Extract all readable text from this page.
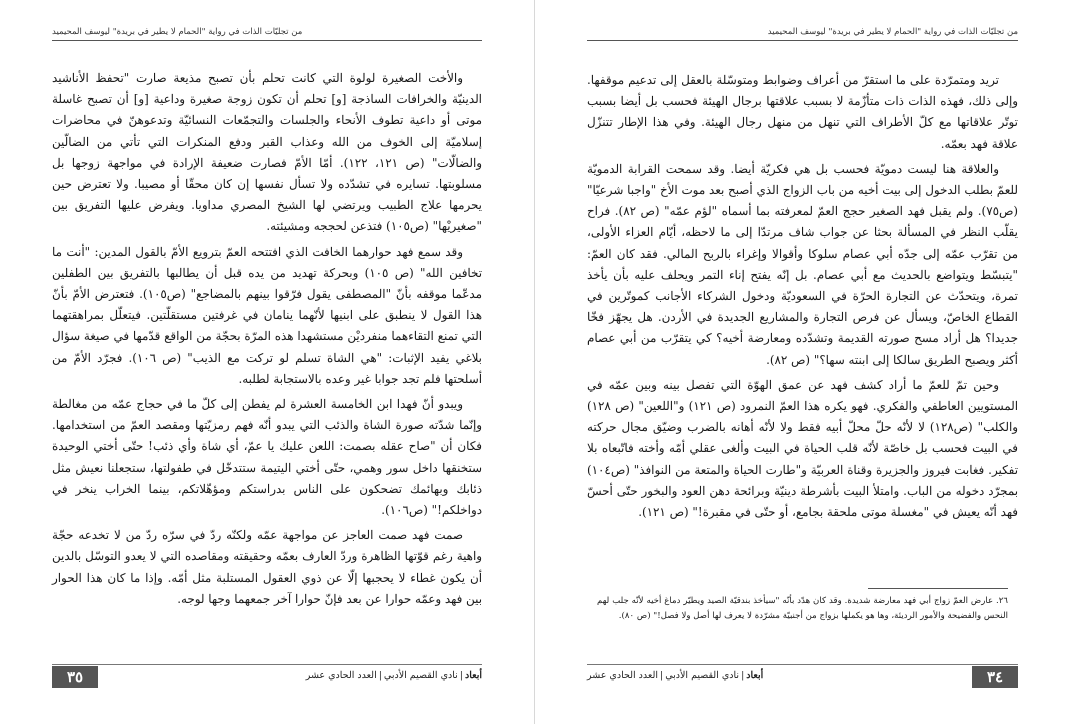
من تجليّات الذات في رواية "الحمام لا يطير في بريدة" ليوسف المحيميد

والأخت الصغيرة لولوة التي كانت تحلم بأن تصبح مذيعة صارت "تحفظ الأناشيد الدينيّة والخرافات الساذجة [و] تحلم أن تكون زوجة صغيرة وداعية [و] أن تصبح غاسلة موتى أو داعية تطوف الأنحاء والجلسات والتجمّعات النسائيّة وتدعوهنّ في محاضرات إسلاميّة إلى الخوف من الله وعذاب القبر ودفع المنكرات التي تأتي من الضالّين والضالّات" (ص ١٢١، ١٢٢). أمّا الأمّ فصارت ضعيفة الإرادة في مواجهة زوجها بل مسلوبتها. تسايره في تشدّده ولا تسأل نفسها إن كان محقّا أو مصيبا. ولا تعترض حين يحرمها علاج الطبيب ويرتضي لها الشيخ المصري مداويا. ويفرض عليها التفريق بين "صغيريْها" (ص١٠٥) فتذعن لحججه ومشيئته.

وقد سمع فهد حوارهما الخافت الذي افتتحه العمّ بترويع الأمّ بالقول المدين: "أنت ما تخافين الله" (ص ١٠٥) وبحركة تهديد من يده قبل أن يطالبها بالتفريق بين الطفلين مدعّما موقفه بأنّ "المصطفى يقول فرّقوا بينهم بالمضاجع" (ص١٠٥). فتعترض الأمّ بأنّ هذا القول لا ينطبق على ابنيها لأنّهما ينامان في غرفتين مستقلّتين. فيتعلّل بمراهقتهما التي تمنع التقاءهما منفرديْن مستشهدا هذه المرّة بحجّة من الواقع قدّمها في صيغة سؤال بلاغي يفيد الإثبات: "هي الشاة تسلم لو تركت مع الذيب" (ص ١٠٦). فجرّد الأمّ من أسلحتها فلم تجد جوابا غير وعده بالاستجابة لطلبه.

ويبدو أنّ فهدا ابن الخامسة العشرة لم يفطن إلى كلّ ما في حجاج عمّه من مغالطة وإنّما شدّته صورة الشاة والذئب التي يبدو أنّه فهم رمزيّتها ومقصد العمّ من استخدامها. فكان أن "صاح عقله بصمت: اللعن عليك يا عمّ، أي شاة وأي ذئب! حتّى أختي الوحيدة ستخنقها داخل سور وهمي، حتّى أختي اليتيمة ستتدخّل في طفولتها، ستجعلنا نعيش مثل ذئابك وبهائمك تضحكون على الناس بدراستكم ومؤهّلاتكم، بينما الخراب ينخر في دواخلكم!" (ص١٠٦).

صمت فهد صمت العاجز عن مواجهة عمّه ولكنّه ردّ في سرّه ردّ من لا تخدعه حجّة واهية رغم قوّتها الظاهرة وردّ العارف بعمّه وحقيقته ومقاصده التي لا يعدو التوسّل بالدين أن يكون غطاء لا يحجبها إلّا عن ذوي العقول المستلبة مثل أمّه. وإذا ما كان هذا الحوار بين فهد وعمّه حوارا عن بعد فإنّ حوارا آخر جمعهما وجها لوجه.

٣٥	أبعاد|نادي القصيم الأدبي|العدد الحادي عشر
من تجليّات الذات في رواية "الحمام لا يطير في بريدة" ليوسف المحيميد

تريد ومتمرّدة على ما استقرّ من أعراف وضوابط ومتوسّلة بالعقل إلى تدعيم موقفها. وإلى ذلك، فهذه الذات ذات متأزّمة لا بسبب علاقتها برجال الهيئة فحسب بل أيضا بسبب توتّر علاقاتها مع كلّ الأطراف التي تنهل من منهل رجال الهيئة. وفي هذا الإطار تتنزّل علاقة فهد بعمّه.

والعلاقة هنا ليست دمويّة فحسب بل هي فكريّة أيضا. وقد سمحت القرابة الدمويّة للعمّ بطلب الدخول إلى بيت أخيه من باب الزواج الذي أصبح بعد موت الأخ "واجبا شرعيّا" (ص٧٥). ولم يقبل فهد الصغير حجج العمّ لمعرفته بما أسماه "لؤم عمّه" (ص ٨٢). فراح يقلّب النظر في المسألة بحثا عن جواب شاف مرتدّا إلى ما لاحظه، أيّام العزاء الأولى، من تقرّب عمّه إلى جدّه أبي عصام سلوكا وأقوالا وإغراء بالربح المالي. فقد كان العمّ: "يتبسّط ويتواضع بالحديث مع أبي عصام. بل إنّه يفتح إناء التمر ويحلف عليه بأن يأخذ تمرة، ويتحدّث عن التجارة الحرّة في السعوديّة ودخول الشركاء الأجانب كموتّرين في القطاع الخاصّ، ويسأل عن فرص التجارة والمشاريع الجديدة في الأردن. هل يجهّز فخّا جديدا؟ هل أراد مسح صورته القديمة وتشدّده ومعارضة أخيه؟ كي يتقرّب من أبي عصام أكثر ويصبح الطريق سالكا إلى ابنته سها؟" (ص ٨٢).

وحين تمّ للعمّ ما أراد كشف فهد عن عمق الهوّة التي تفصل بينه وبين عمّه في المستويين العاطفي والفكري. فهو يكره هذا العمّ النمرود (ص ١٢١) و"اللعين" (ص ١٢٨) والكلب" (ص١٢٨) لا لأنّه حلّ محلّ أبيه فقط ولا لأنّه أهانه بالضرب وضيّق مجال حركته في البيت فحسب بل خاصّة لأنّه قلب الحياة في البيت وألغى عقلي أمّه وأخته فاتّبعاه بلا تفكير. فغابت فيروز والجزيرة وقناة العربيّة و"طارت الحياة والمتعة من النوافذ" (ص١٠٤) بمجرّد دخوله من الباب. وامتلأ البيت بأشرطة دينيّة وبرائحة دهن العود والبخور حتّى أحسّ فهد أنّه يعيش في "مغسلة موتى ملحقة بجامع، أو حتّى في مقبرة!" (ص ١٢١).

٢٦. عارض العمّ زواج أبي فهد معارضة شديدة. وقد كان هدّد بأنّه "سيأخذ بندقيّة الصيد ويطيّر دماغ أخيه لأنّه جلب لهم النحس والفضيحة والأمور الرديئة، وها هو يكملها بزواج من أجنبيّة مشرّدة لا يعرف لها أصل ولا فصل!" (ص ٨٠).
٣٤
أبعاد|نادي القصيم الأدبي|العدد الحادي عشر
